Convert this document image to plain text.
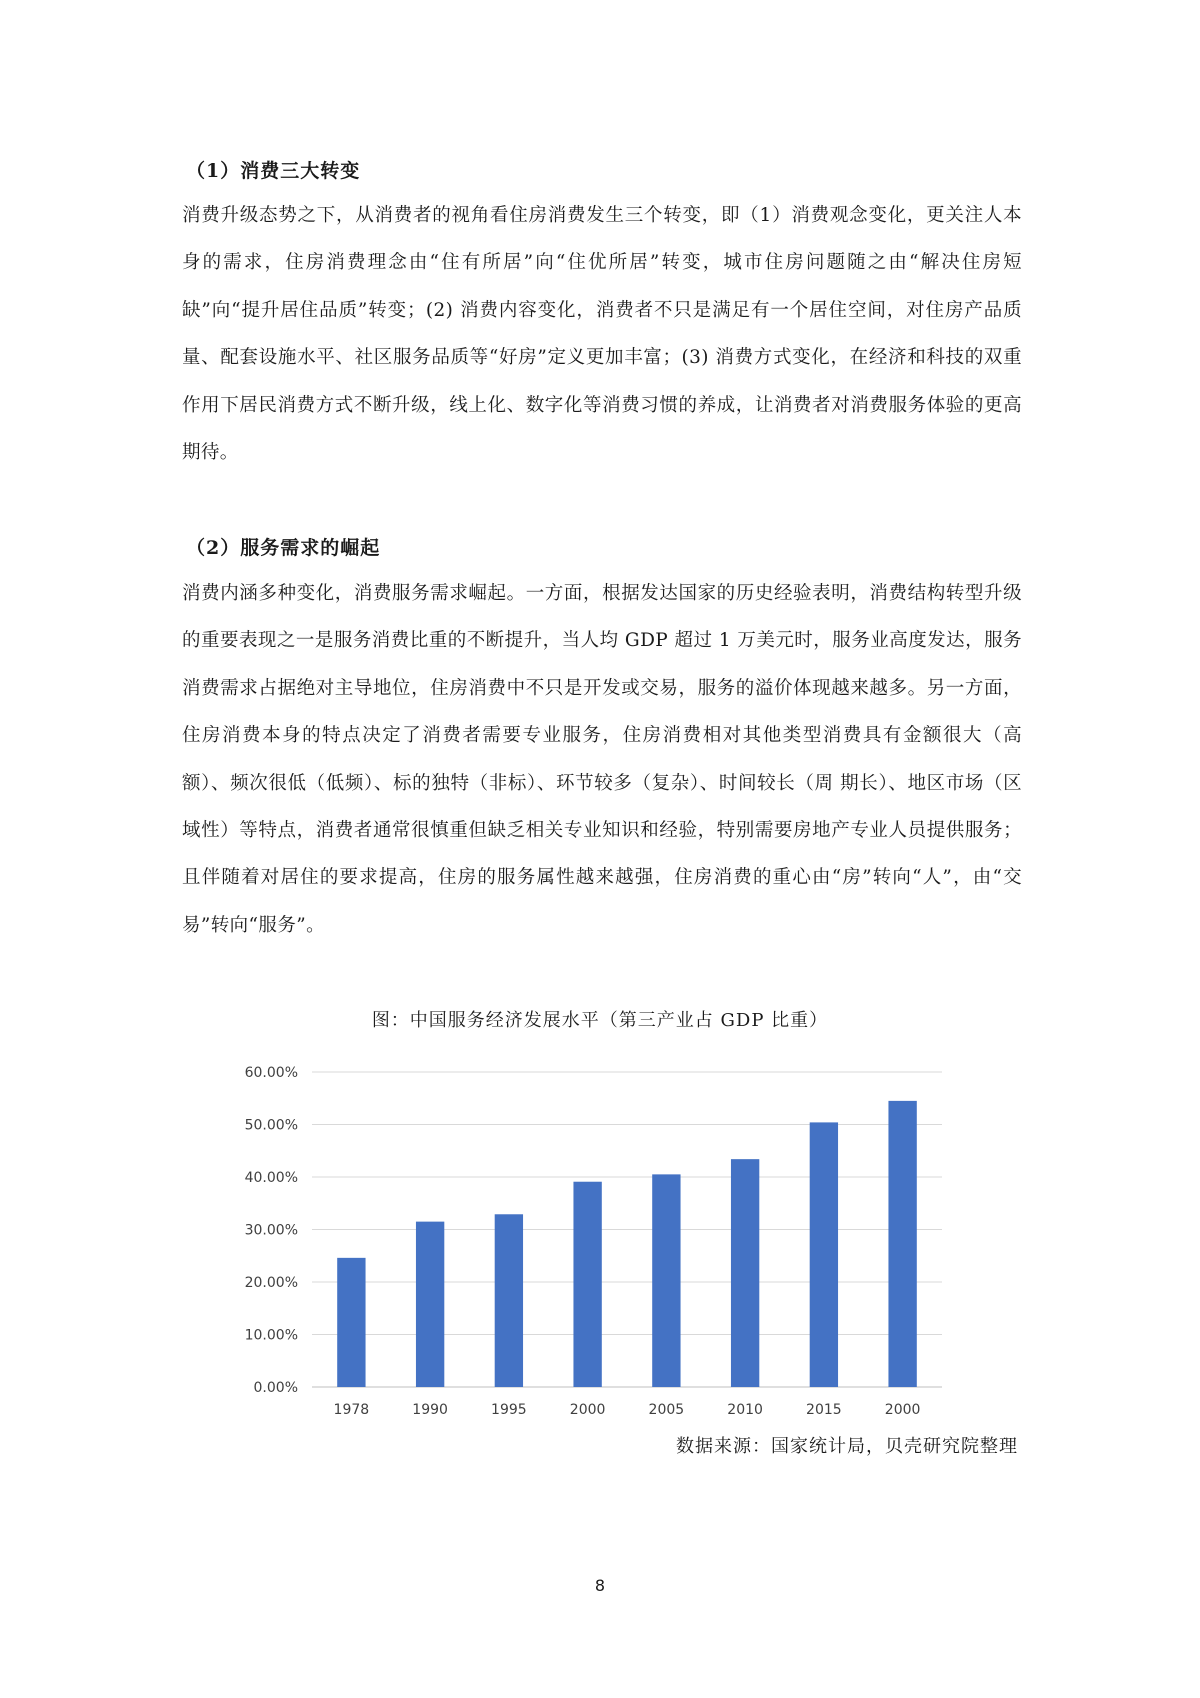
（1）消费三大转变

消费升级态势之下，从消费者的视角看住房消费发生三个转变，即（1）消费观念变化，更关注人本身的需求，住房消费理念由“住有所居”向“住优所居”转变，城市住房问题随之由“解决住房短缺”向“提升居住品质”转变；(2) 消费内容变化，消费者不只是满足有一个居住空间，对住房产品质量、配套设施水平、社区服务品质等“好房”定义更加丰富；(3) 消费方式变化，在经济和科技的双重作用下居民消费方式不断升级，线上化、数字化等消费习惯的养成，让消费者对消费服务体验的更高期待。

（2）服务需求的崛起

消费内涵多种变化，消费服务需求崛起。一方面，根据发达国家的历史经验表明，消费结构转型升级的重要表现之一是服务消费比重的不断提升，当人均 GDP 超过 1 万美元时，服务业高度发达，服务消费需求占据绝对主导地位，住房消费中不只是开发或交易，服务的溢价体现越来越多。另一方面，住房消费本身的特点决定了消费者需要专业服务，住房消费相对其他类型消费具有金额很大（高额）、频次很低（低频）、标的独特（非标）、环节较多（复杂）、时间较长（周 期长）、地区市场（区域性）等特点，消费者通常很慎重但缺乏相关专业知识和经验，特别需要房地产专业人员提供服务；且伴随着对居住的要求提高，住房的服务属性越来越强，住房消费的重心由“房”转向“人”，由“交易”转向“服务”。

图：中国服务经济发展水平（第三产业占 GDP 比重）
0.00%
10.00%
20.00%
30.00%
40.00%
50.00%
60.00%
1978	1990	1995	2000	2005	2010	2015	2000
数据来源：国家统计局，贝壳研究院整理
8
